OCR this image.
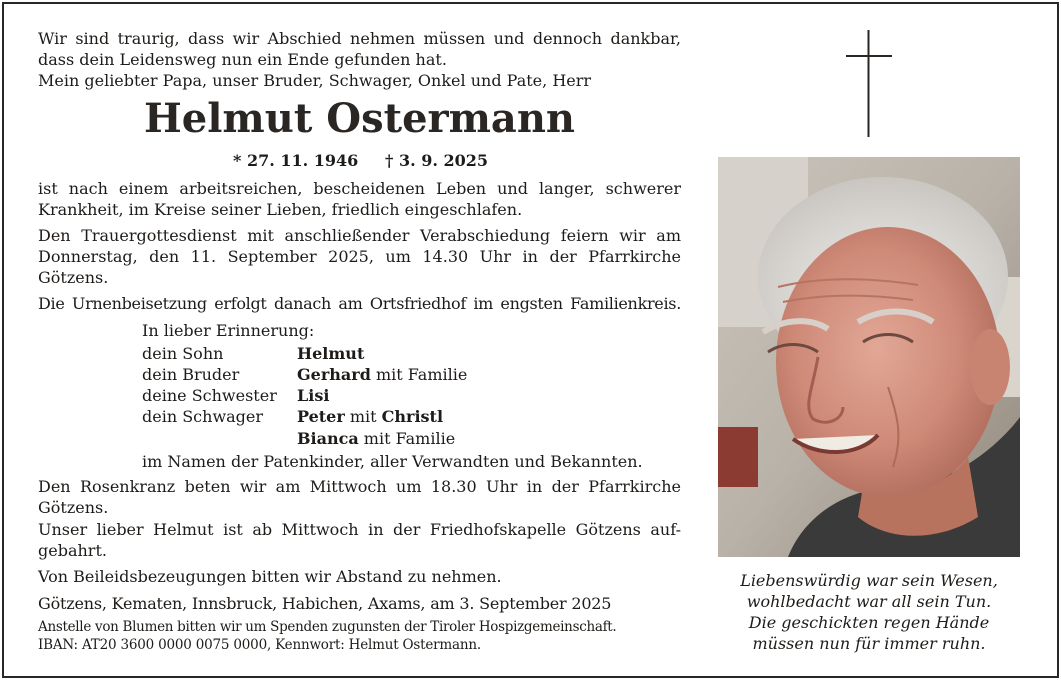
Wir sind traurig, dass wir Abschied nehmen müssen und dennoch dankbar,
dass dein Leidensweg nun ein Ende gefunden hat.
Mein geliebter Papa, unser Bruder, Schwager, Onkel und Pate, Herr
Helmut Ostermann
* 27. 11. 1946 † 3. 9. 2025
ist nach einem arbeitsreichen, bescheidenen Leben und langer, schwerer
Krankheit, im Kreise seiner Lieben, friedlich eingeschlafen.
Den Trauergottesdienst mit anschließender Verabschiedung feiern wir am
Donnerstag, den 11. September 2025, um 14.30 Uhr in der Pfarrkirche
Götzens.
Die Urnenbeisetzung erfolgt danach am Ortsfriedhof im engsten Familienkreis.
In lieber Erinnerung:
dein Sohn	Helmut
dein Bruder	Gerhard mit Familie
deine Schwester Lisi
dein Schwager Peter mit Christl
Bianca mit Familie
im Namen der Patenkinder, aller Verwandten und Bekannten.
Den Rosenkranz beten wir am Mittwoch um 18.30 Uhr in der Pfarrkirche
Götzens.
Unser lieber Helmut ist ab Mittwoch in der Friedhofskapelle Götzens auf-
gebahrt.
Von Beileidsbezeugungen bitten wir Abstand zu nehmen.
Götzens, Kematen, Innsbruck, Habichen, Axams, am 3. September 2025
Anstelle von Blumen bitten wir um Spenden zugunsten der Tiroler Hospizgemeinschaft.
IBAN: AT20 3600 0000 0075 0000, Kennwort: Helmut Ostermann.
Liebenswürdig war sein Wesen,
wohlbedacht war all sein Tun.
Die geschickten regen Hände
müssen nun für immer ruhn.
